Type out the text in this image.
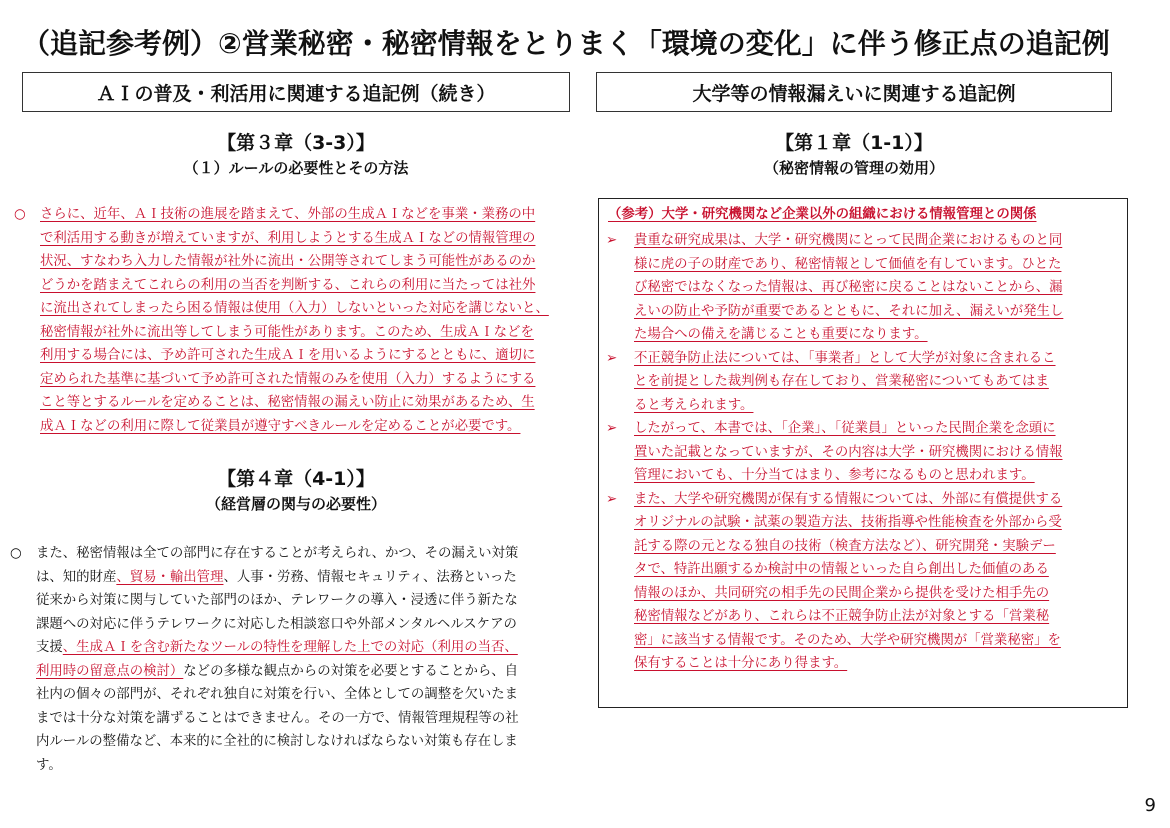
（追記参考例）②営業秘密・秘密情報をとりまく「環境の変化」に伴う修正点の追記例
ＡＩの普及・利活用に関連する追記例（続き）
【第３章（3-3）】
（１）ルールの必要性とその方法
○ さらに、近年、ＡＩ技術の進展を踏まえて、外部の生成ＡＩなどを事業・業務の中
で利活用する動きが増えていますが、利用しようとする生成ＡＩなどの情報管理の
状況、すなわち入力した情報が社外に流出・公開等されてしまう可能性があるのか
どうかを踏まえてこれらの利用の当否を判断する、これらの利用に当たっては社外
に流出されてしまったら困る情報は使用（入力）しないといった対応を講じないと、
秘密情報が社外に流出等してしまう可能性があります。このため、生成ＡＩなどを
利用する場合には、予め許可された生成ＡＩを用いるようにするとともに、適切に
定められた基準に基づいて予め許可された情報のみを使用（入力）するようにする
こと等とするルールを定めることは、秘密情報の漏えい防止に効果があるため、生
成ＡＩなどの利用に際して従業員が遵守すべきルールを定めることが必要です。
【第４章（4-1）】
（経営層の関与の必要性）
○ また、秘密情報は全ての部門に存在することが考えられ、かつ、その漏えい対策
は、知的財産、貿易・輸出管理、人事・労務、情報セキュリティ、法務といった
従来から対策に関与していた部門のほか、テレワークの導入・浸透に伴う新たな
課題への対応に伴うテレワークに対応した相談窓口や外部メンタルヘルスケアの
支援、生成ＡＩを含む新たなツールの特性を理解した上での対応（利用の当否、
利用時の留意点の検討）などの多様な観点からの対策を必要とすることから、自
社内の個々の部門が、それぞれ独自に対策を行い、全体としての調整を欠いたま
までは十分な対策を講ずることはできません。その一方で、情報管理規程等の社
内ルールの整備など、本来的に全社的に検討しなければならない対策も存在しま
す。
大学等の情報漏えいに関連する追記例
【第１章（1-1）】
（秘密情報の管理の効用）
（参考）大学・研究機関など企業以外の組織における情報管理との関係
➢ 貴重な研究成果は、大学・研究機関にとって民間企業におけるものと同
様に虎の子の財産であり、秘密情報として価値を有しています。ひとた
び秘密ではなくなった情報は、再び秘密に戻ることはないことから、漏
えいの防止や予防が重要であるとともに、それに加え、漏えいが発生し
た場合への備えを講じることも重要になります。
➢ 不正競争防止法については、「事業者」として大学が対象に含まれるこ
とを前提とした裁判例も存在しており、営業秘密についてもあてはま
ると考えられます。
➢ したがって、本書では、「企業」、「従業員」といった民間企業を念頭に
置いた記載となっていますが、その内容は大学・研究機関における情報
管理においても、十分当てはまり、参考になるものと思われます。
➢ また、大学や研究機関が保有する情報については、外部に有償提供する
オリジナルの試験・試薬の製造方法、技術指導や性能検査を外部から受
託する際の元となる独自の技術（検査方法など）、研究開発・実験デー
タで、特許出願するか検討中の情報といった自ら創出した価値のある
情報のほか、共同研究の相手先の民間企業から提供を受けた相手先の
秘密情報などがあり、これらは不正競争防止法が対象とする「営業秘
密」に該当する情報です。そのため、大学や研究機関が「営業秘密」を
保有することは十分にあり得ます。
9
